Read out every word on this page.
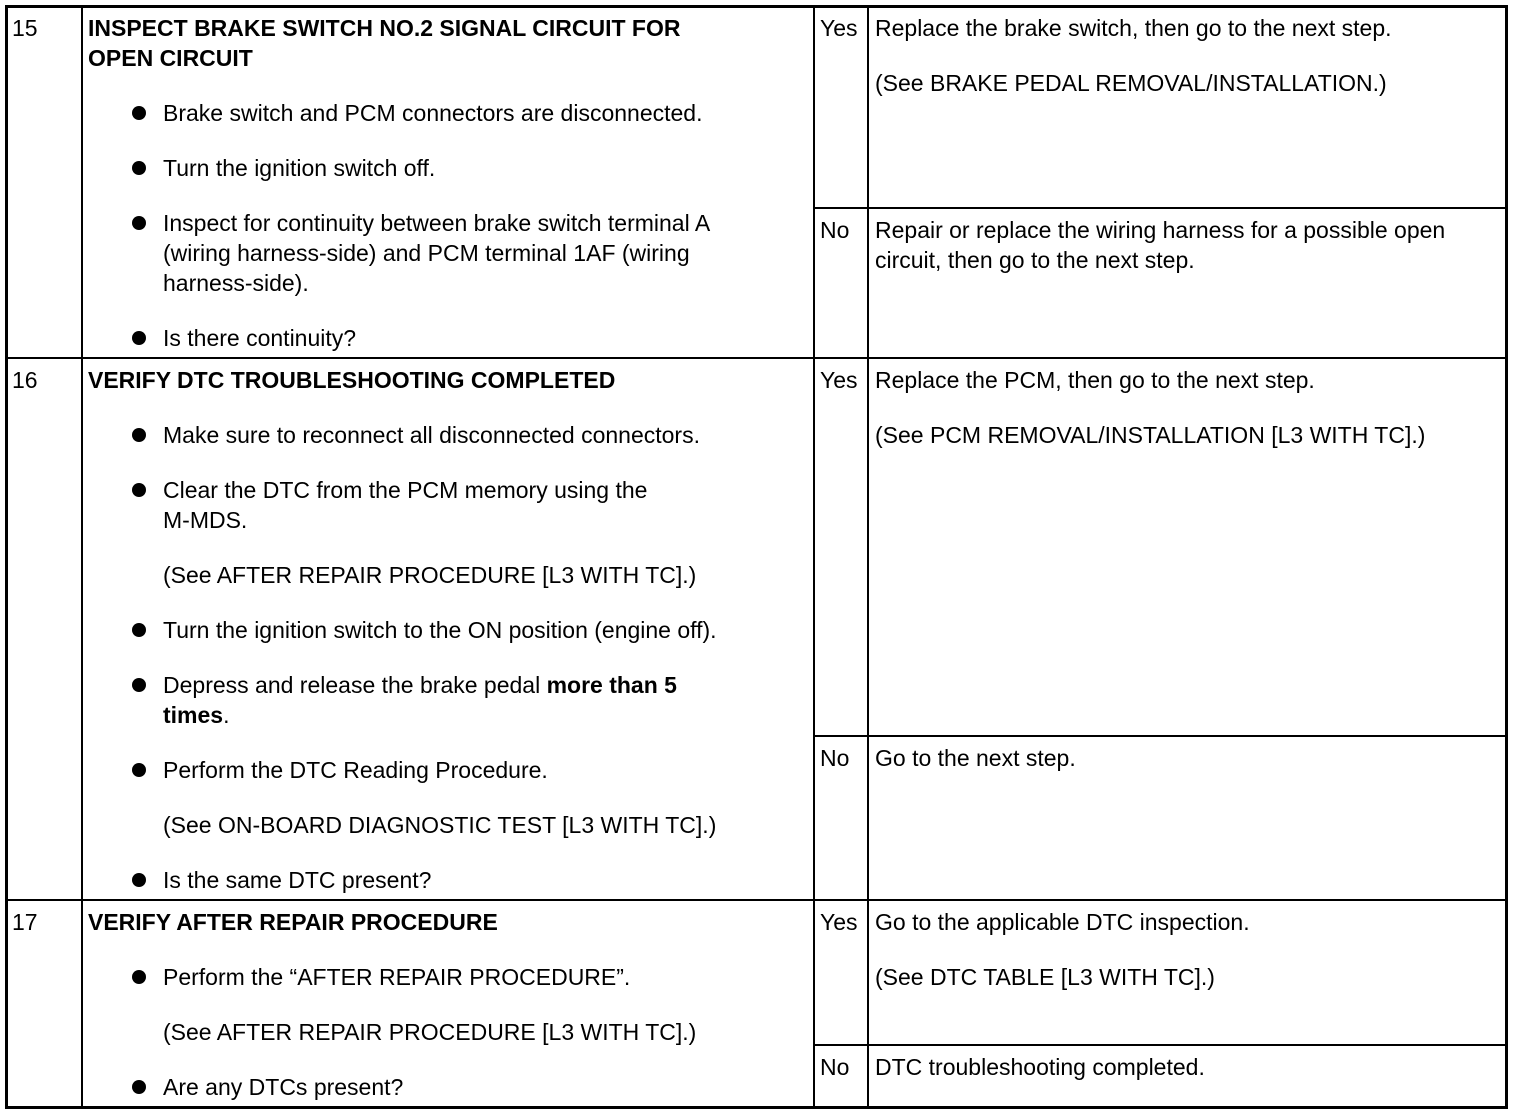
15 INSPECT BRAKE SWITCH NO.2 SIGNAL CIRCUIT FOR
OPEN CIRCUIT
Brake switch and PCM connectors are disconnected.
Turn the ignition switch off.
Inspect for continuity between brake switch terminal A
(wiring harness-side) and PCM terminal 1AF (wiring
harness-side).
Is there continuity?
Yes Replace the brake switch, then go to the next step.
(See BRAKE PEDAL REMOVAL/INSTALLATION.)
No Repair or replace the wiring harness for a possible open
circuit, then go to the next step.
16 VERIFY DTC TROUBLESHOOTING COMPLETED
Make sure to reconnect all disconnected connectors.
Clear the DTC from the PCM memory using the
M-MDS.
(See AFTER REPAIR PROCEDURE [L3 WITH TC].)
Turn the ignition switch to the ON position (engine off).
Depress and release the brake pedal more than 5
times.
Perform the DTC Reading Procedure.
(See ON-BOARD DIAGNOSTIC TEST [L3 WITH TC].)
Is the same DTC present?
Yes Replace the PCM, then go to the next step.
(See PCM REMOVAL/INSTALLATION [L3 WITH TC].)
No Go to the next step.
17 VERIFY AFTER REPAIR PROCEDURE
Perform the “AFTER REPAIR PROCEDURE”.
(See AFTER REPAIR PROCEDURE [L3 WITH TC].)
Are any DTCs present?
Yes Go to the applicable DTC inspection.
(See DTC TABLE [L3 WITH TC].)
No DTC troubleshooting completed.
